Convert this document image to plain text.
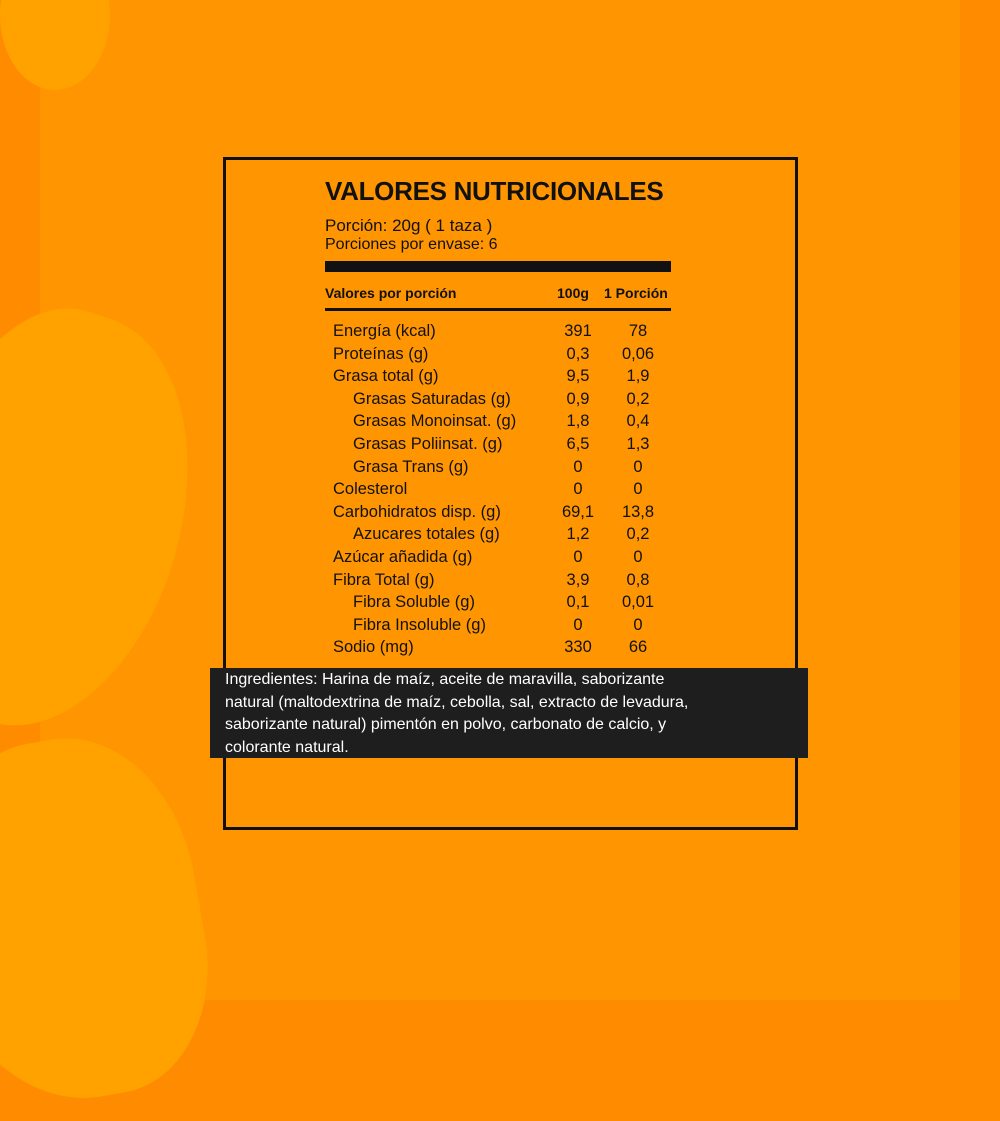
VALORES NUTRICIONALES
Porción: 20g ( 1 taza )
Porciones por envase: 6
Valores por porción	100g 1 Porción
Energía (kcal)	391	78
Proteínas (g)	0,3	0,06
Grasa total (g)	9,5	1,9
Grasas Saturadas (g)	0,9	0,2
Grasas Monoinsat. (g)	1,8	0,4
Grasas Poliinsat. (g)	6,5	1,3
Grasa Trans (g)	0	0
Colesterol	0	0
Carbohidratos disp. (g)	69,1	13,8
Azucares totales (g)	1,2	0,2
Azúcar añadida (g)	0	0
Fibra Total (g)	3,9	0,8
Fibra Soluble (g)	0,1	0,01
Fibra Insoluble (g)	0	0
Sodio (mg)	330	66

Ingredientes: Harina de maíz, aceite de maravilla, saborizante

natural (maltodextrina de maíz, cebolla, sal, extracto de levadura,

saborizante natural) pimentón en polvo, carbonato de calcio, y

colorante natural.
